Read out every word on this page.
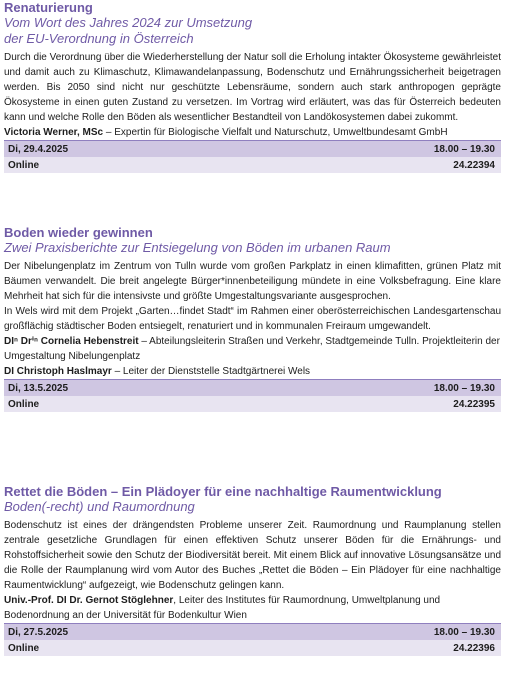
Renaturierung
Vom Wort des Jahres 2024 zur Umsetzung
der EU-Verordnung in Österreich

Durch die Verordnung über die Wiederherstellung der Natur soll die Erholung intakter Ökosysteme gewährleistet und damit auch zu Klimaschutz, Klimawandelanpassung, Bodenschutz und Ernährungssicherheit beigetragen werden. Bis 2050 sind nicht nur geschützte Lebensräume, sondern auch stark anthropogen geprägte Ökosysteme in einen guten Zustand zu versetzen. Im Vortrag wird erläutert, was das für Österreich bedeuten kann und welche Rolle den Böden als wesentlicher Bestandteil von Landökosystemen dabei zukommt.

Victoria Werner, MSc – Expertin für Biologische Vielfalt und Naturschutz, Umweltbundesamt GmbH
Di, 29.4.2025	18.00 – 19.30
Online	24.22394
Boden wieder gewinnen
Zwei Praxisberichte zur Entsiegelung von Böden im urbanen Raum

Der Nibelungenplatz im Zentrum von Tulln wurde vom großen Parkplatz in einen klimafitten, grünen Platz mit Bäumen verwandelt. Die breit angelegte Bürger*innenbeteiligung mündete in eine Volksbefragung. Eine klare Mehrheit hat sich für die intensivste und größte Umgestaltungsvariante ausgesprochen.

In Wels wird mit dem Projekt „Garten…findet Stadt“ im Rahmen einer oberösterreichischen Landesgartenschau großflächig städtischer Boden entsiegelt, renaturiert und in kommunalen Freiraum umgewandelt.

DIⁿ Drⁱⁿ Cornelia Hebenstreit – Abteilungsleiterin Straßen und Verkehr, Stadtgemeinde Tulln. Projektleiterin der Umgestaltung Nibelungenplatz
DI Christoph Haslmayr – Leiter der Dienststelle Stadtgärtnerei Wels
Di, 13.5.2025	18.00 – 19.30
Online	24.22395
Rettet die Böden – Ein Plädoyer für eine nachhaltige Raumentwicklung
Boden(-recht) und Raumordnung

Bodenschutz ist eines der drängendsten Probleme unserer Zeit. Raumordnung und Raumplanung stellen zentrale gesetzliche Grundlagen für einen effektiven Schutz unserer Böden für die Ernährungs- und Rohstoffsicherheit sowie den Schutz der Biodiversität bereit. Mit einem Blick auf innovative Lösungsansätze und die Rolle der Raumplanung wird vom Autor des Buches „Rettet die Böden – Ein Plädoyer für eine nachhaltige Raumentwicklung“ aufgezeigt, wie Bodenschutz gelingen kann.

Univ.-Prof. DI Dr. Gernot Stöglehner, Leiter des Institutes für Raumordnung, Umweltplanung und Bodenordnung an der Universität für Bodenkultur Wien
Di, 27.5.2025	18.00 – 19.30
Online	24.22396
